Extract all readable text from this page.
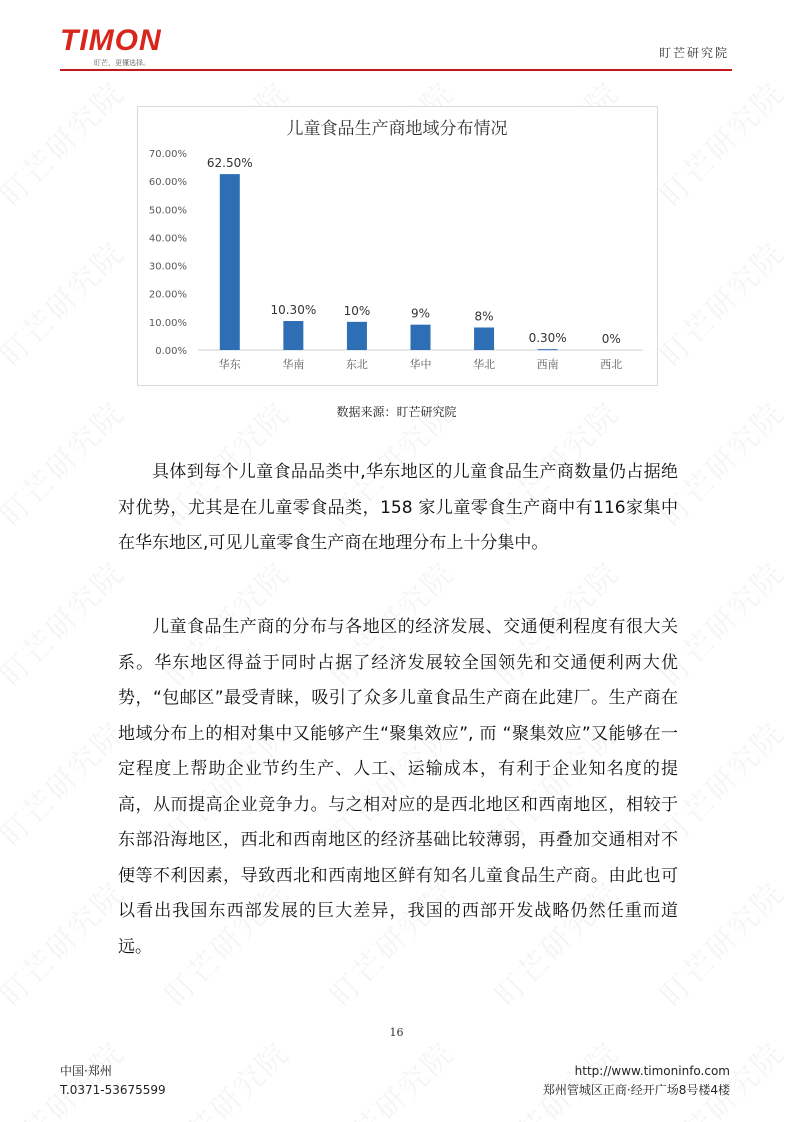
TIMON
盯芒，更懂选择。
盯芒研究院
儿童食品生产商地域分布情况
0.00%
10.00%
20.00%
30.00%
40.00%
50.00%
60.00%
70.00%
62.50%
华东
10.30%
华南
10%
东北
9%
华中
8%
华北
0.30%
西南
0%
西北
数据来源：盯芒研究院
具体到每个儿童食品品类中,华东地区的儿童食品生产商数量仍占据绝对优势，尤其是在儿童零食品类，158 家儿童零食生产商中有116家集中在华东地区,可见儿童零食生产商在地理分布上十分集中。
儿童食品生产商的分布与各地区的经济发展、交通便利程度有很大关系。华东地区得益于同时占据了经济发展较全国领先和交通便利两大优势，“包邮区”最受青睐，吸引了众多儿童食品生产商在此建厂。生产商在地域分布上的相对集中又能够产生“聚集效应”, 而 “聚集效应”又能够在一定程度上帮助企业节约生产、人工、运输成本，有利于企业知名度的提高，从而提高企业竞争力。与之相对应的是西北地区和西南地区，相较于东部沿海地区，西北和西南地区的经济基础比较薄弱，再叠加交通相对不便等不利因素，导致西北和西南地区鲜有知名儿童食品生产商。由此也可以看出我国东西部发展的巨大差异，我国的西部开发战略仍然任重而道远。
16
中国·郑州
T.0371-53675599
http://www.timoninfo.com
郑州管城区正商·经开广场8号楼4楼
